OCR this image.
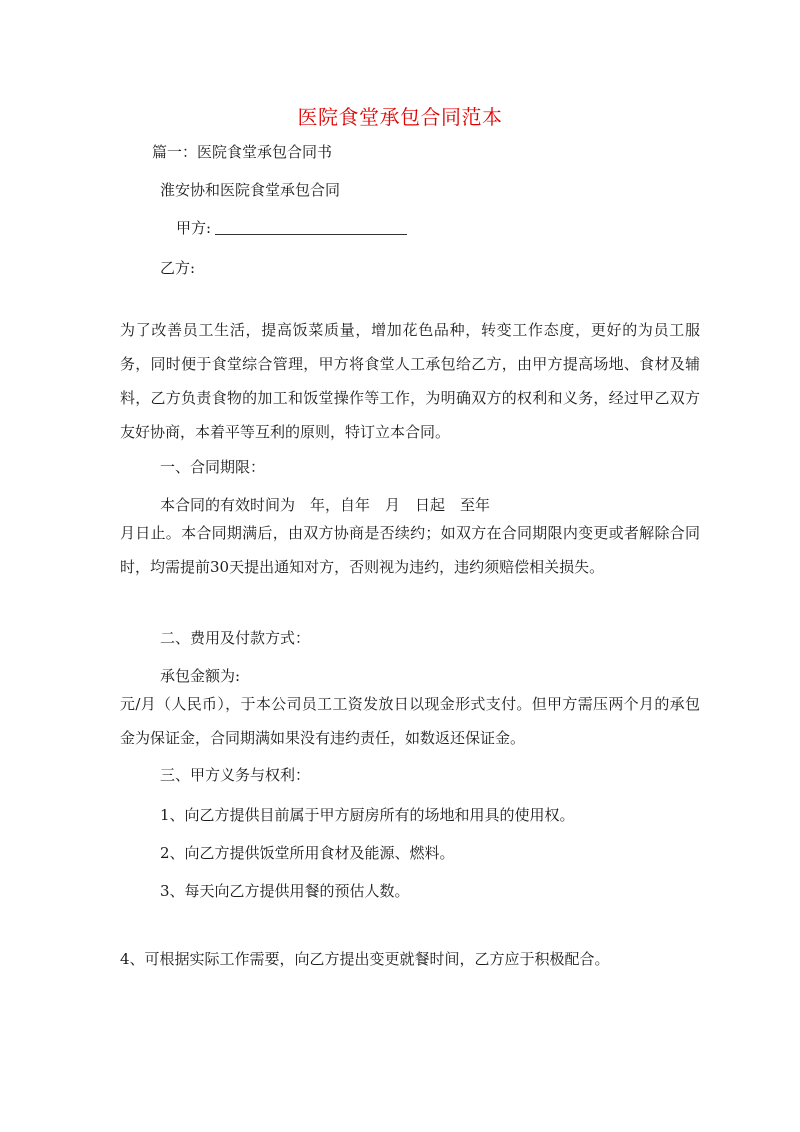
医院食堂承包合同范本
篇一：医院食堂承包合同书
淮安协和医院食堂承包合同
甲方:
乙方:
为了改善员工生活，提高饭菜质量，增加花色品种，转变工作态度，更好的为员工服务，同时便于食堂综合管理，甲方将食堂人工承包给乙方，由甲方提高场地、食材及辅料，乙方负责食物的加工和饭堂操作等工作，为明确双方的权利和义务，经过甲乙双方友好协商，本着平等互利的原则，特订立本合同。
一、合同期限：
本合同的有效时间为　年，自年　月　日起　至年
月日止。本合同期满后，由双方协商是否续约；如双方在合同期限内变更或者解除合同时，均需提前30天提出通知对方，否则视为违约，违约须赔偿相关损失。
二、费用及付款方式：
承包金额为:
元/月（人民币），于本公司员工工资发放日以现金形式支付。但甲方需压两个月的承包金为保证金，合同期满如果没有违约责任，如数返还保证金。
三、甲方义务与权利：
1、向乙方提供目前属于甲方厨房所有的场地和用具的使用权。
2、向乙方提供饭堂所用食材及能源、燃料。
3、每天向乙方提供用餐的预估人数。
4、可根据实际工作需要，向乙方提出变更就餐时间，乙方应于积极配合。
